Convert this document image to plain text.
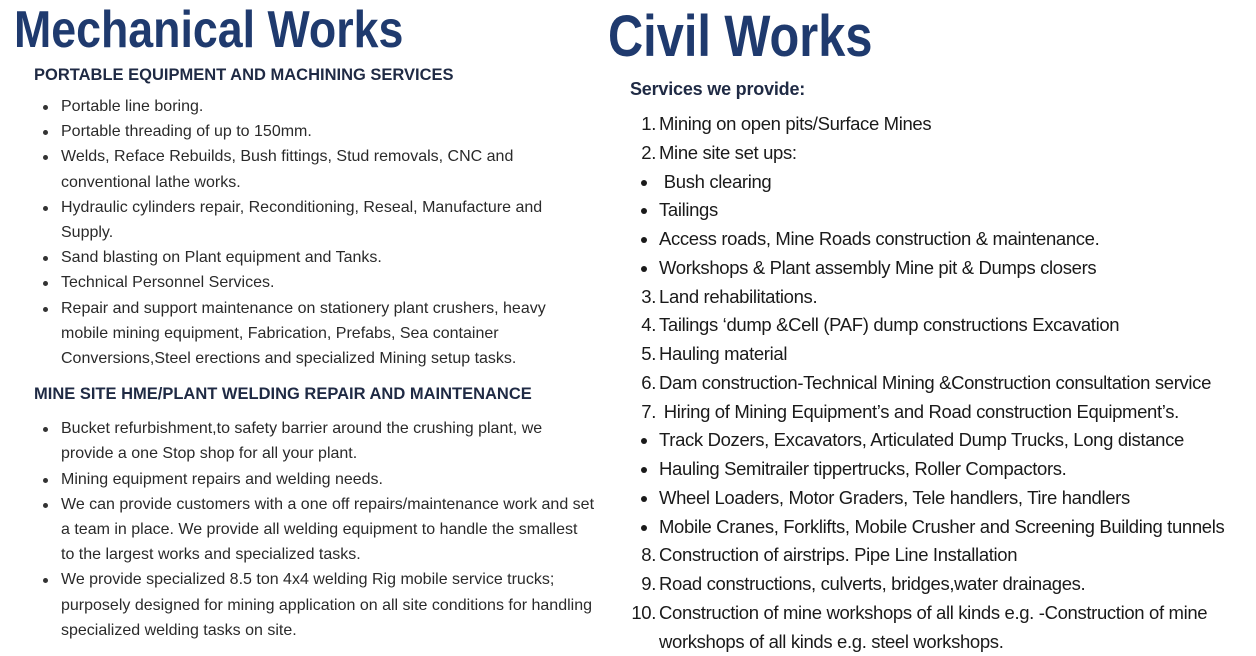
Mechanical Works
PORTABLE EQUIPMENT AND MACHINING SERVICES
Portable line boring.
Portable threading of up to 150mm.
Welds, Reface Rebuilds, Bush fittings, Stud removals, CNC and conventional lathe works.
Hydraulic cylinders repair, Reconditioning, Reseal, Manufacture and Supply.
Sand blasting on Plant equipment and Tanks.
Technical Personnel Services.
Repair and support maintenance on stationery plant crushers, heavy mobile mining equipment, Fabrication, Prefabs, Sea container Conversions,Steel erections and specialized Mining setup tasks.
MINE SITE HME/PLANT WELDING REPAIR AND MAINTENANCE
Bucket refurbishment,to safety barrier around the crushing plant, we provide a one Stop shop for all your plant.
Mining equipment repairs and welding needs.
We can provide customers with a one off repairs/maintenance work and set a team in place. We provide all welding equipment to handle the smallest to the largest works and specialized tasks.
We provide specialized 8.5 ton 4x4 welding Rig mobile service trucks; purposely designed for mining application on all site conditions for handling specialized welding tasks on site.
Civil Works
Services we provide:
1. Mining on open pits/Surface Mines
2. Mine site set ups:
Bush clearing
Tailings
Access roads, Mine Roads construction & maintenance.
Workshops & Plant assembly Mine pit & Dumps closers
3. Land rehabilitations.
4. Tailings ‘dump &Cell (PAF) dump constructions Excavation
5. Hauling material
6. Dam construction-Technical Mining &Construction consultation service
7. Hiring of Mining Equipment’s and Road construction Equipment’s.
Track Dozers, Excavators, Articulated Dump Trucks, Long distance
Hauling Semitrailer tippertrucks, Roller Compactors.
Wheel Loaders, Motor Graders, Tele handlers, Tire handlers
Mobile Cranes, Forklifts, Mobile Crusher and Screening Building tunnels
8. Construction of airstrips. Pipe Line Installation
9. Road constructions, culverts, bridges,water drainages.
10. Construction of mine workshops of all kinds e.g. -Construction of mine
workshops of all kinds e.g. steel workshops.
